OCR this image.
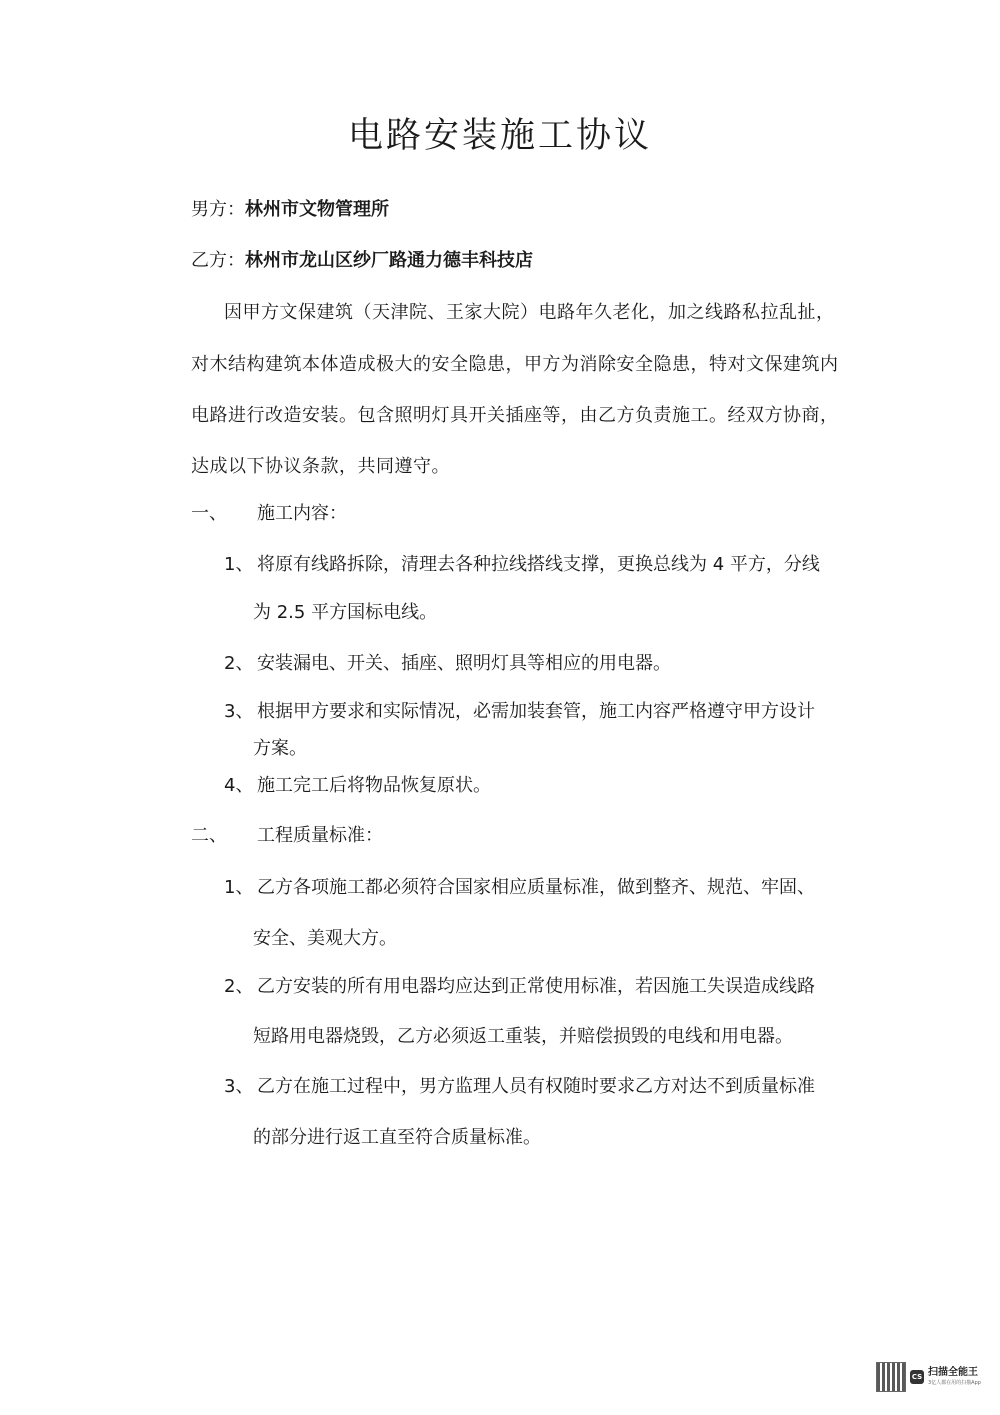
电路安装施工协议
男方：林州市文物管理所
乙方：林州市龙山区纱厂路通力德丰科技店
因甲方文保建筑（天津院、王家大院）电路年久老化，加之线路私拉乱扯，
对木结构建筑本体造成极大的安全隐患，甲方为消除安全隐患，特对文保建筑内
电路进行改造安装。包含照明灯具开关插座等，由乙方负责施工。经双方协商，
达成以下协议条款，共同遵守。
一、 施工内容：
1、 将原有线路拆除，清理去各种拉线搭线支撑，更换总线为 4 平方，分线
为 2.5 平方国标电线。
2、 安装漏电、开关、插座、照明灯具等相应的用电器。
3、 根据甲方要求和实际情况，必需加装套管，施工内容严格遵守甲方设计
方案。
4、 施工完工后将物品恢复原状。
二、 工程质量标准：
1、 乙方各项施工都必须符合国家相应质量标准，做到整齐、规范、牢固、
安全、美观大方。
2、 乙方安装的所有用电器均应达到正常使用标准，若因施工失误造成线路
短路用电器烧毁，乙方必须返工重装，并赔偿损毁的电线和用电器。
3、 乙方在施工过程中，男方监理人员有权随时要求乙方对达不到质量标准
的部分进行返工直至符合质量标准。
CS 扫描全能王
3亿人都在用的扫描App
